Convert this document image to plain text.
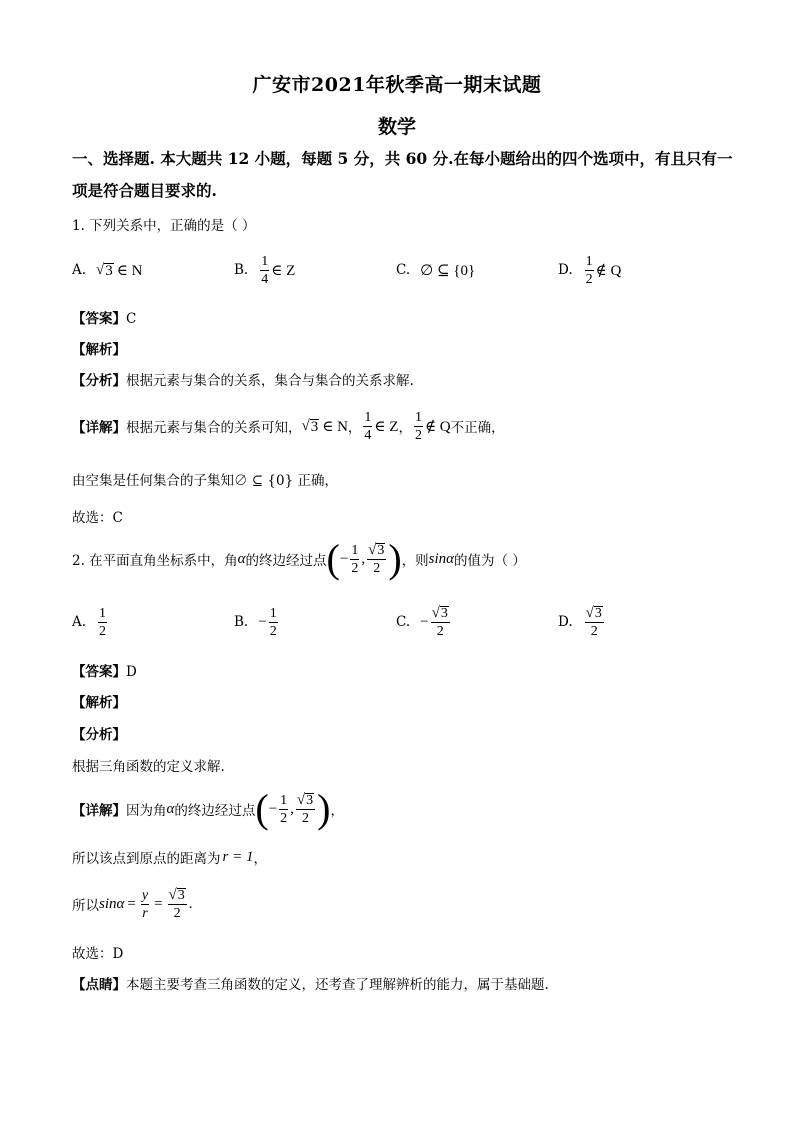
广安市2021年秋季高一期末试题
数学
一、选择题. 本大题共 12 小题，每题 5 分，共 60 分.在每小题给出的四个选项中，有且只有一
项是符合题目要求的.
1. 下列关系中，正确的是（ ）
A. √ 3 ∈ N	B. $\frac{1}{4}$ ∈ Z	C. ∅ ⊆ {0}	D. $\frac{1}{2}$ ∉ Q
【答案】C
【解析】
【分析】根据元素与集合的关系，集合与集合的关系求解.
【详解】 根据元素与集合的关系可知， √ 3 ∈ N ， $\frac{1}{4}$ ∈ Z ， $\frac{1}{2}$ ∉ Q 不正确，
由空集是任何集合的子集知∅ ⊆ {0} 正确，
故选：C
2. 在平面直角坐标系中，角 α 的终边经过点 ( − $\frac{1}{2}$ , $\frac{√ 3}{2}$ ) ，则 sinα 的值为（ ）
A. $\frac{1}{2}$	B. − $\frac{1}{2}$	C. − $\frac{√ 3}{2}$	D. $\frac{√ 3}{2}$
【答案】D
【解析】
【分析】
根据三角函数的定义求解.
【详解】 因为角 α 的终边经过点 ( − $\frac{1}{2}$ , $\frac{√ 3}{2}$ ) ，
所以该点到原点的距离为 r = 1 ，
所以 $\sin\alpha = \frac{y}{r} = \frac{√ 3}{2}$ .
故选：D
【点睛】本题主要考查三角函数的定义，还考查了理解辨析的能力，属于基础题.
